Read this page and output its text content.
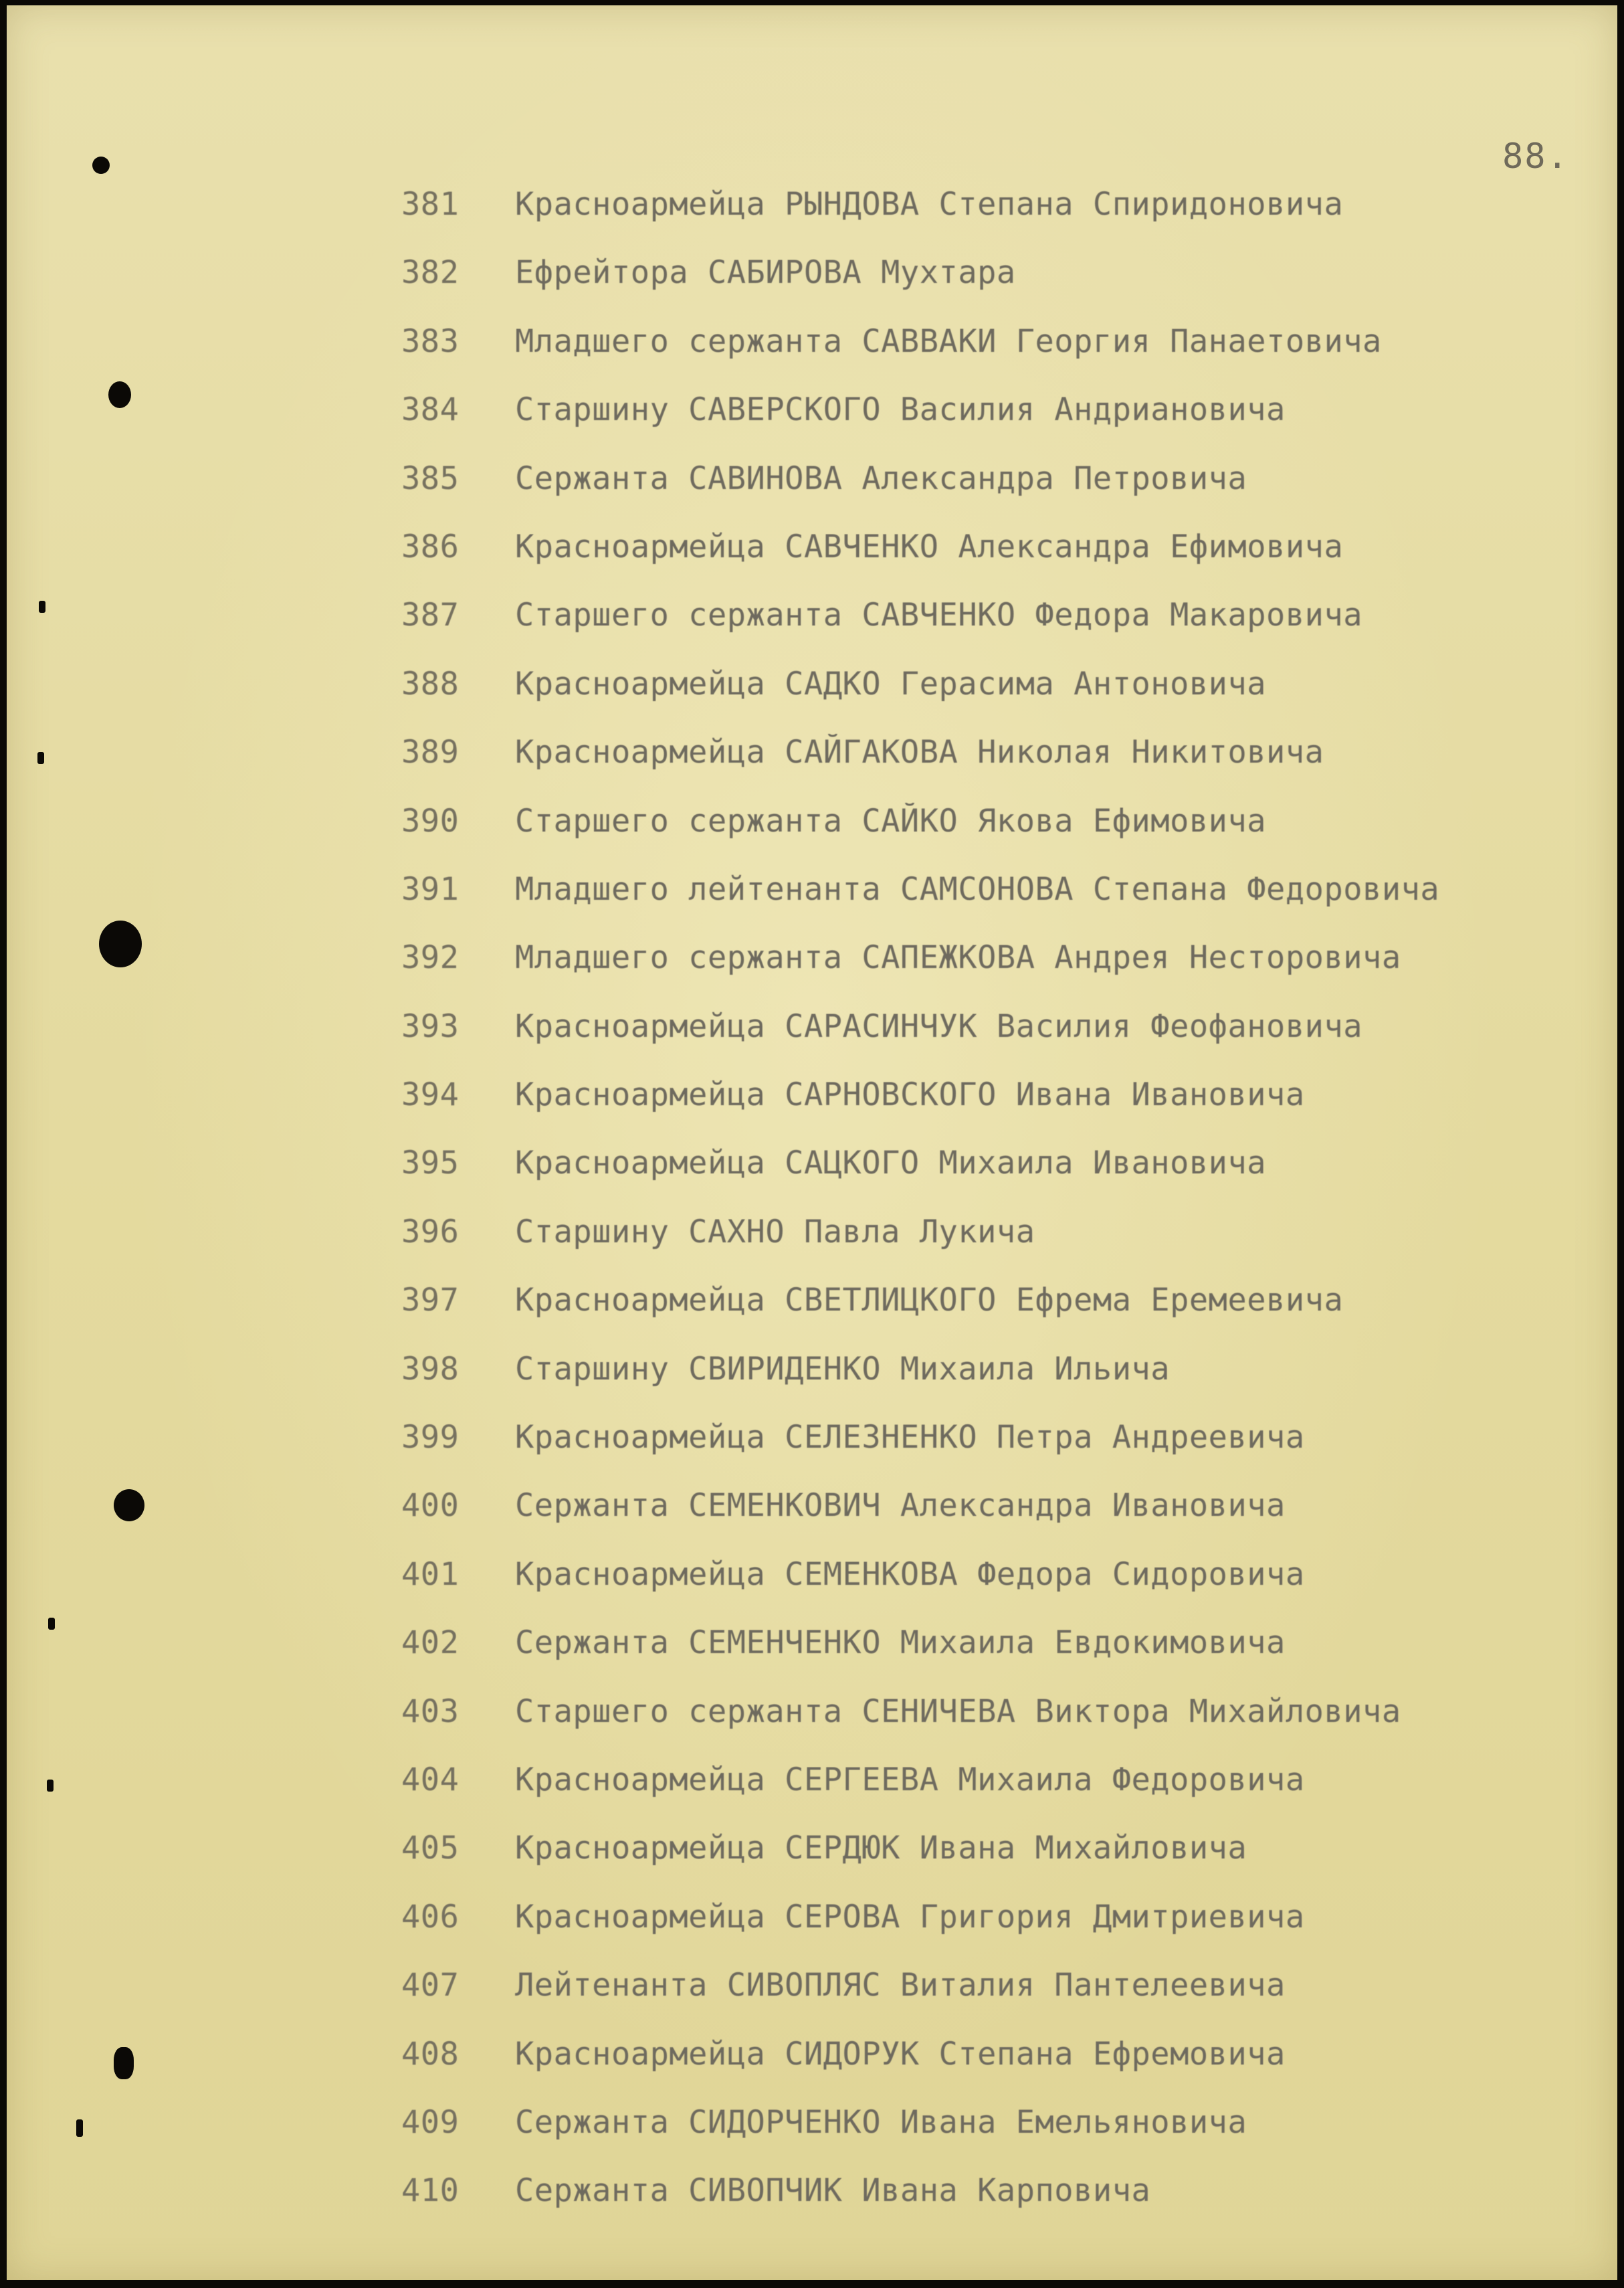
88.
381	Красноармейца РЫНДОВА Степана Спиридоновича
382	Ефрейтора САБИРОВА Мухтара
383	Младшего сержанта САВВАКИ Георгия Панаетовича
384	Старшину САВЕРСКОГО Василия Андриановича
385	Сержанта САВИНОВА Александра Петровича
386	Красноармейца САВЧЕНКО Александра Ефимовича
387	Старшего сержанта САВЧЕНКО Федора Макаровича
388	Красноармейца САДКО Герасима Антоновича
389	Красноармейца САЙГАКОВА Николая Никитовича
390	Старшего сержанта САЙКО Якова Ефимовича
391	Младшего лейтенанта САМСОНОВА Степана Федоровича
392	Младшего сержанта САПЕЖКОВА Андрея Несторовича
393	Красноармейца САРАСИНЧУК Василия Феофановича
394	Красноармейца САРНОВСКОГО Ивана Ивановича
395	Красноармейца САЦКОГО Михаила Ивановича
396	Старшину САХНО Павла Лукича
397	Красноармейца СВЕТЛИЦКОГО Ефрема Еремеевича
398	Старшину СВИРИДЕНКО Михаила Ильича
399	Красноармейца СЕЛЕЗНЕНКО Петра Андреевича
400	Сержанта СЕМЕНКОВИЧ Александра Ивановича
401	Красноармейца СЕМЕНКОВА Федора Сидоровича
402	Сержанта СЕМЕНЧЕНКО Михаила Евдокимовича
403	Старшего сержанта СЕНИЧЕВА Виктора Михайловича
404	Красноармейца СЕРГЕЕВА Михаила Федоровича
405	Красноармейца СЕРДЮК Ивана Михайловича
406	Красноармейца СЕРОВА Григория Дмитриевича
407	Лейтенанта СИВОПЛЯС Виталия Пантелеевича
408	Красноармейца СИДОРУК Степана Ефремовича
409	Сержанта СИДОРЧЕНКО Ивана Емельяновича
410	Сержанта СИВОПЧИК Ивана Карповича
